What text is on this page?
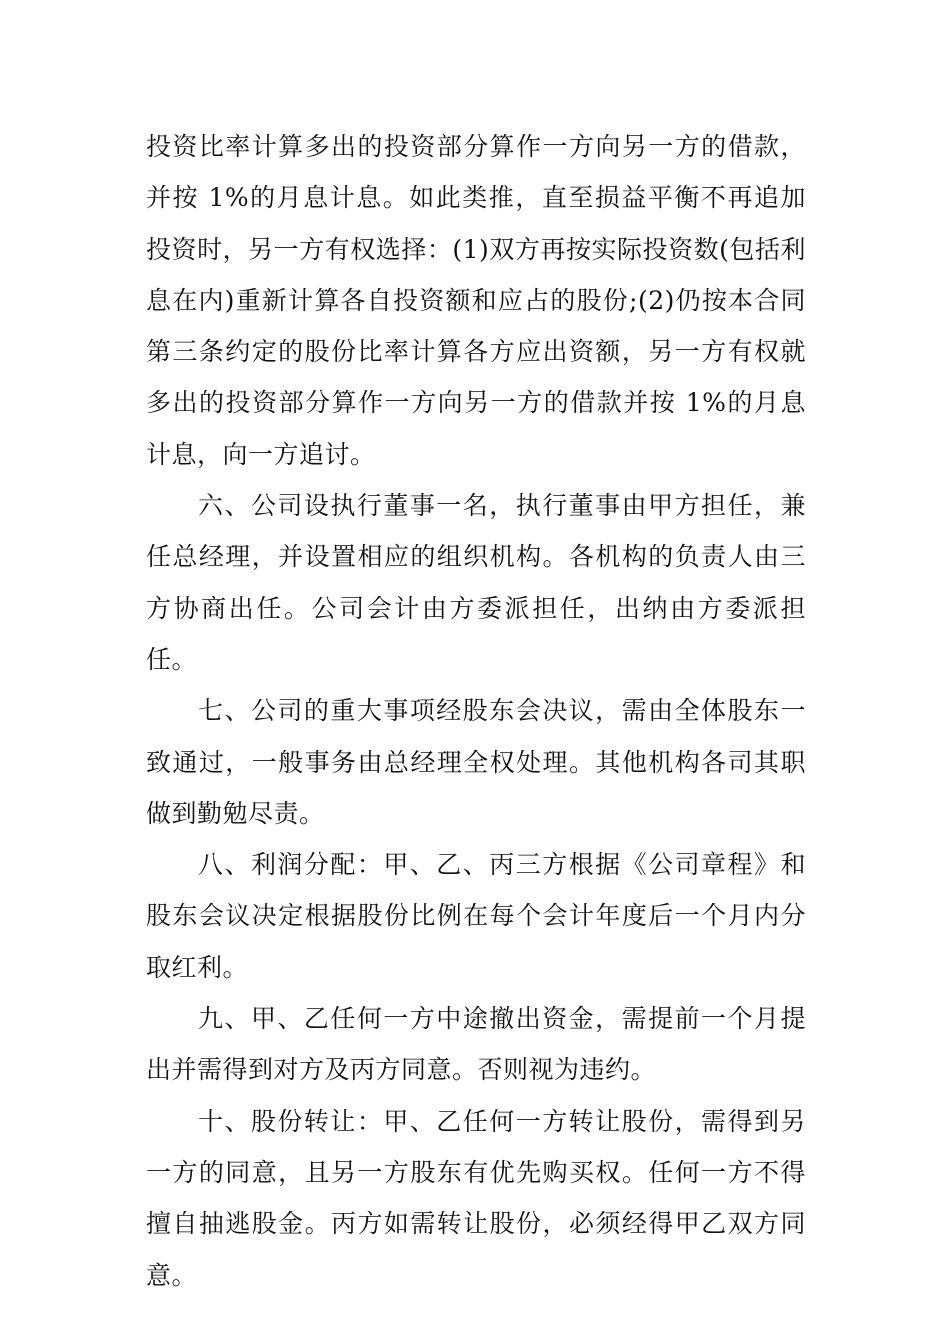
投资比率计算多出的投资部分算作一方向另一方的借款，并按 1%的月息计息。如此类推，直至损益平衡不再追加投资时，另一方有权选择：(1)双方再按实际投资数(包括利息在内)重新计算各自投资额和应占的股份;(2)仍按本合同第三条约定的股份比率计算各方应出资额，另一方有权就多出的投资部分算作一方向另一方的借款并按 1%的月息计息，向一方追讨。

六、公司设执行董事一名，执行董事由甲方担任，兼任总经理，并设置相应的组织机构。各机构的负责人由三方协商出任。公司会计由方委派担任，出纳由方委派担任。

七、公司的重大事项经股东会决议，需由全体股东一致通过，一般事务由总经理全权处理。其他机构各司其职做到勤勉尽责。

八、利润分配：甲、乙、丙三方根据《公司章程》和股东会议决定根据股份比例在每个会计年度后一个月内分取红利。

九、甲、乙任何一方中途撤出资金，需提前一个月提出并需得到对方及丙方同意。否则视为违约。

十、股份转让：甲、乙任何一方转让股份，需得到另一方的同意，且另一方股东有优先购买权。任何一方不得擅自抽逃股金。丙方如需转让股份，必须经得甲乙双方同意。
